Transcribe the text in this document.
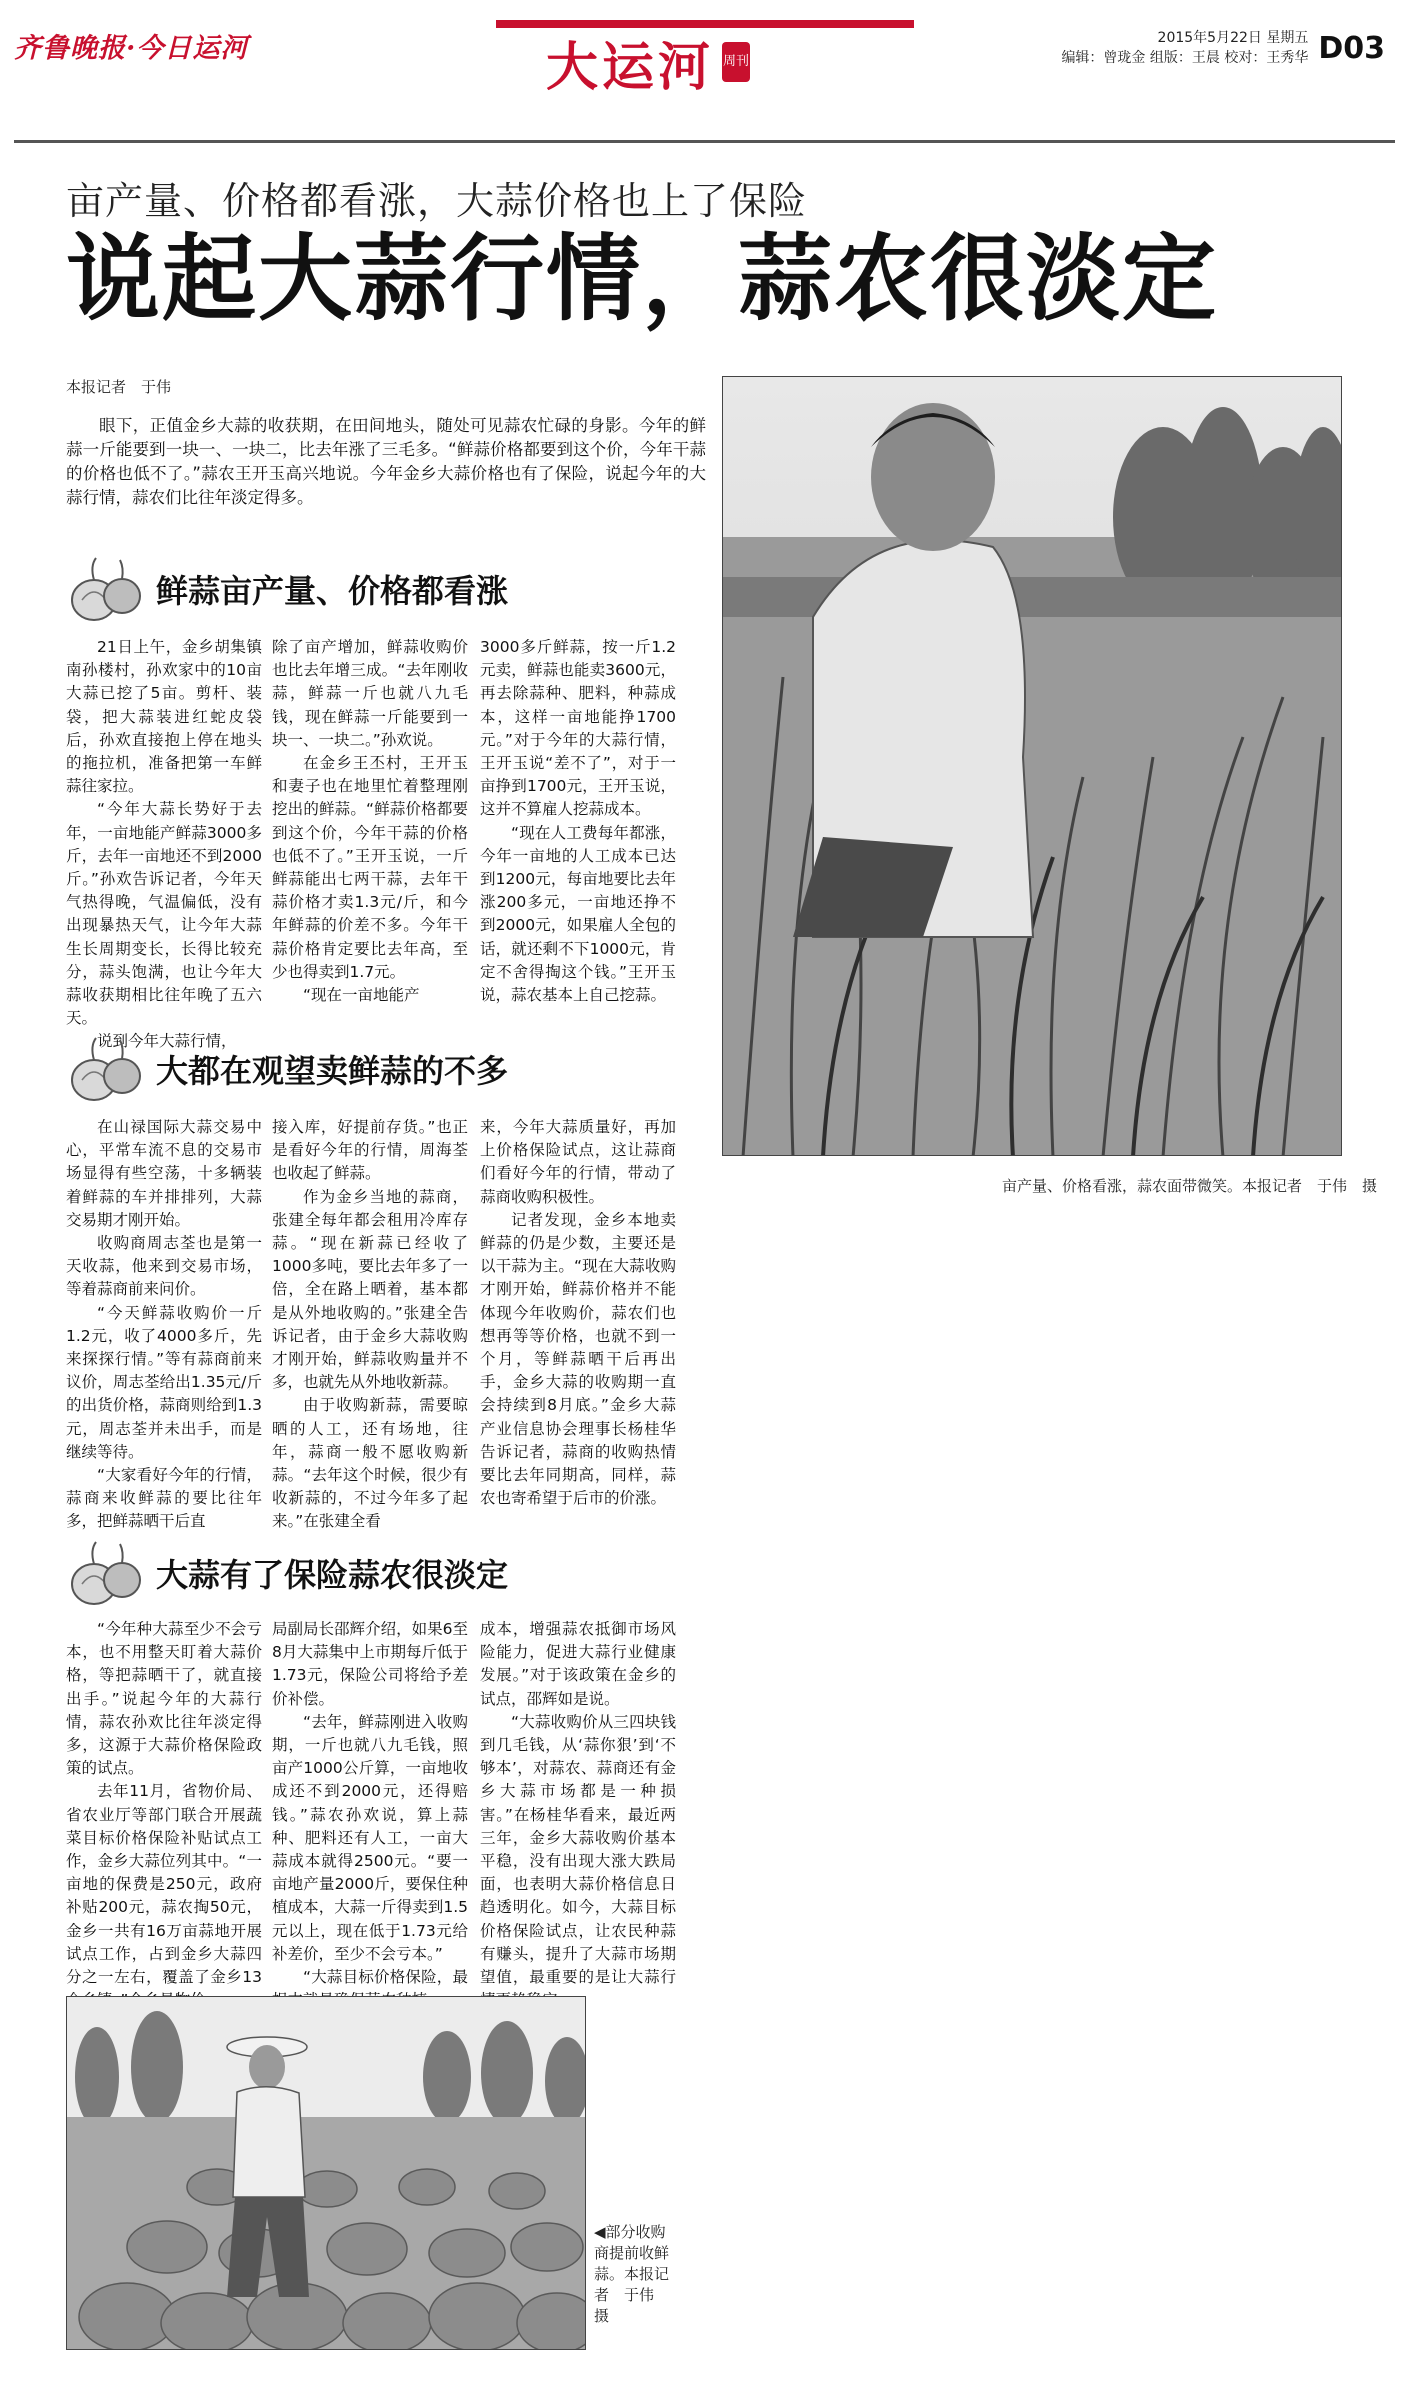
齐鲁晚报·今日运河	大运河 周刊
2015年5月22日 星期五
编辑：曾珑金 组版：王晨 校对：王秀华 D03
亩产量、价格都看涨，大蒜价格也上了保险
说起大蒜行情，蒜农很淡定
本报记者　于伟
眼下，正值金乡大蒜的收获期，在田间地头，随处可见蒜农忙碌的身影。今年的鲜蒜一斤能要到一块一、一块二，比去年涨了三毛多。“鲜蒜价格都要到这个价，今年干蒜的价格也低不了。”蒜农王开玉高兴地说。今年金乡大蒜价格也有了保险，说起今年的大蒜行情，蒜农们比往年淡定得多。
亩产量、价格看涨，蒜农面带微笑。本报记者　于伟　摄
鲜蒜亩产量、价格都看涨

21日上午，金乡胡集镇南孙楼村，孙欢家中的10亩大蒜已挖了5亩。剪杆、装袋，把大蒜装进红蛇皮袋后，孙欢直接抱上停在地头的拖拉机，准备把第一车鲜蒜往家拉。

“今年大蒜长势好于去年，一亩地能产鲜蒜3000多斤，去年一亩地还不到2000斤。”孙欢告诉记者，今年天气热得晚，气温偏低，没有出现暴热天气，让今年大蒜生长周期变长，长得比较充分，蒜头饱满，也让今年大蒜收获期相比往年晚了五六天。

说到今年大蒜行情，

除了亩产增加，鲜蒜收购价也比去年增三成。“去年刚收蒜，鲜蒜一斤也就八九毛钱，现在鲜蒜一斤能要到一块一、一块二。”孙欢说。

在金乡王丕村，王开玉和妻子也在地里忙着整理刚挖出的鲜蒜。“鲜蒜价格都要到这个价，今年干蒜的价格也低不了。”王开玉说，一斤鲜蒜能出七两干蒜，去年干蒜价格才卖1.3元/斤，和今年鲜蒜的价差不多。今年干蒜价格肯定要比去年高，至少也得卖到1.7元。

“现在一亩地能产

3000多斤鲜蒜，按一斤1.2元卖，鲜蒜也能卖3600元，再去除蒜种、肥料，种蒜成本，这样一亩地能挣1700元。”对于今年的大蒜行情，王开玉说“差不了”，对于一亩挣到1700元，王开玉说，这并不算雇人挖蒜成本。

“现在人工费每年都涨，今年一亩地的人工成本已达到1200元，每亩地要比去年涨200多元，一亩地还挣不到2000元，如果雇人全包的话，就还剩不下1000元，肯定不舍得掏这个钱。”王开玉说，蒜农基本上自己挖蒜。

大都在观望卖鲜蒜的不多

在山禄国际大蒜交易中心，平常车流不息的交易市场显得有些空荡，十多辆装着鲜蒜的车并排排列，大蒜交易期才刚开始。

收购商周志荃也是第一天收蒜，他来到交易市场，等着蒜商前来问价。

“今天鲜蒜收购价一斤1.2元，收了4000多斤，先来探探行情。”等有蒜商前来议价，周志荃给出1.35元/斤的出货价格，蒜商则给到1.3元，周志荃并未出手，而是继续等待。

“大家看好今年的行情，蒜商来收鲜蒜的要比往年多，把鲜蒜晒干后直

接入库，好提前存货。”也正是看好今年的行情，周海荃也收起了鲜蒜。

作为金乡当地的蒜商，张建全每年都会租用冷库存蒜。“现在新蒜已经收了1000多吨，要比去年多了一倍，全在路上晒着，基本都是从外地收购的。”张建全告诉记者，由于金乡大蒜收购才刚开始，鲜蒜收购量并不多，也就先从外地收新蒜。

由于收购新蒜，需要晾晒的人工，还有场地，往年，蒜商一般不愿收购新蒜。“去年这个时候，很少有收新蒜的，不过今年多了起来。”在张建全看

来，今年大蒜质量好，再加上价格保险试点，这让蒜商们看好今年的行情，带动了蒜商收购积极性。

记者发现，金乡本地卖鲜蒜的仍是少数，主要还是以干蒜为主。“现在大蒜收购才刚开始，鲜蒜价格并不能体现今年收购价，蒜农们也想再等等价格，也就不到一个月，等鲜蒜晒干后再出手，金乡大蒜的收购期一直会持续到8月底。”金乡大蒜产业信息协会理事长杨桂华告诉记者，蒜商的收购热情要比去年同期高，同样，蒜农也寄希望于后市的价涨。

大蒜有了保险蒜农很淡定

“今年种大蒜至少不会亏本，也不用整天盯着大蒜价格，等把蒜晒干了，就直接出手。”说起今年的大蒜行情，蒜农孙欢比往年淡定得多，这源于大蒜价格保险政策的试点。

去年11月，省物价局、省农业厅等部门联合开展蔬菜目标价格保险补贴试点工作，金乡大蒜位列其中。“一亩地的保费是250元，政府补贴200元，蒜农掏50元，金乡一共有16万亩蒜地开展试点工作，占到金乡大蒜四分之一左右，覆盖了金乡13

局副局长邵辉介绍，如果6至8月大蒜集中上市期每斤低于1.73元，保险公司将给予差价补偿。

“去年，鲜蒜刚进入收购期，一斤也就八九毛钱，照亩产1000公斤算，一亩地收成还不到2000元，还得赔钱。”蒜农孙欢说，算上蒜种、肥料还有人工，一亩大蒜成本就得2500元。“要一亩地产量2000斤，要保住种植成本，大蒜一斤得卖到1.5元以上，现在低于1.73元给补差价，至少不会亏本。”

“大蒜目标价格保险，最

成本，增强蒜农抵御市场风险能力，促进大蒜行业健康发展。”对于该政策在金乡的试点，邵辉如是说。

“大蒜收购价从三四块钱到几毛钱，从‘蒜你狠’到‘不够本’，对蒜农、蒜商还有金乡大蒜市场都是一种损害。”在杨桂华看来，最近两三年，金乡大蒜收购价基本平稳，没有出现大涨大跌局面，也表明大蒜价格信息日趋透明化。如今，大蒜目标价格保险试点，让农民种蒜有赚头，提升了大蒜市场期望值，最重要的是让大蒜行

◀部分收购商提前收鲜蒜。本报记者　于伟　摄
